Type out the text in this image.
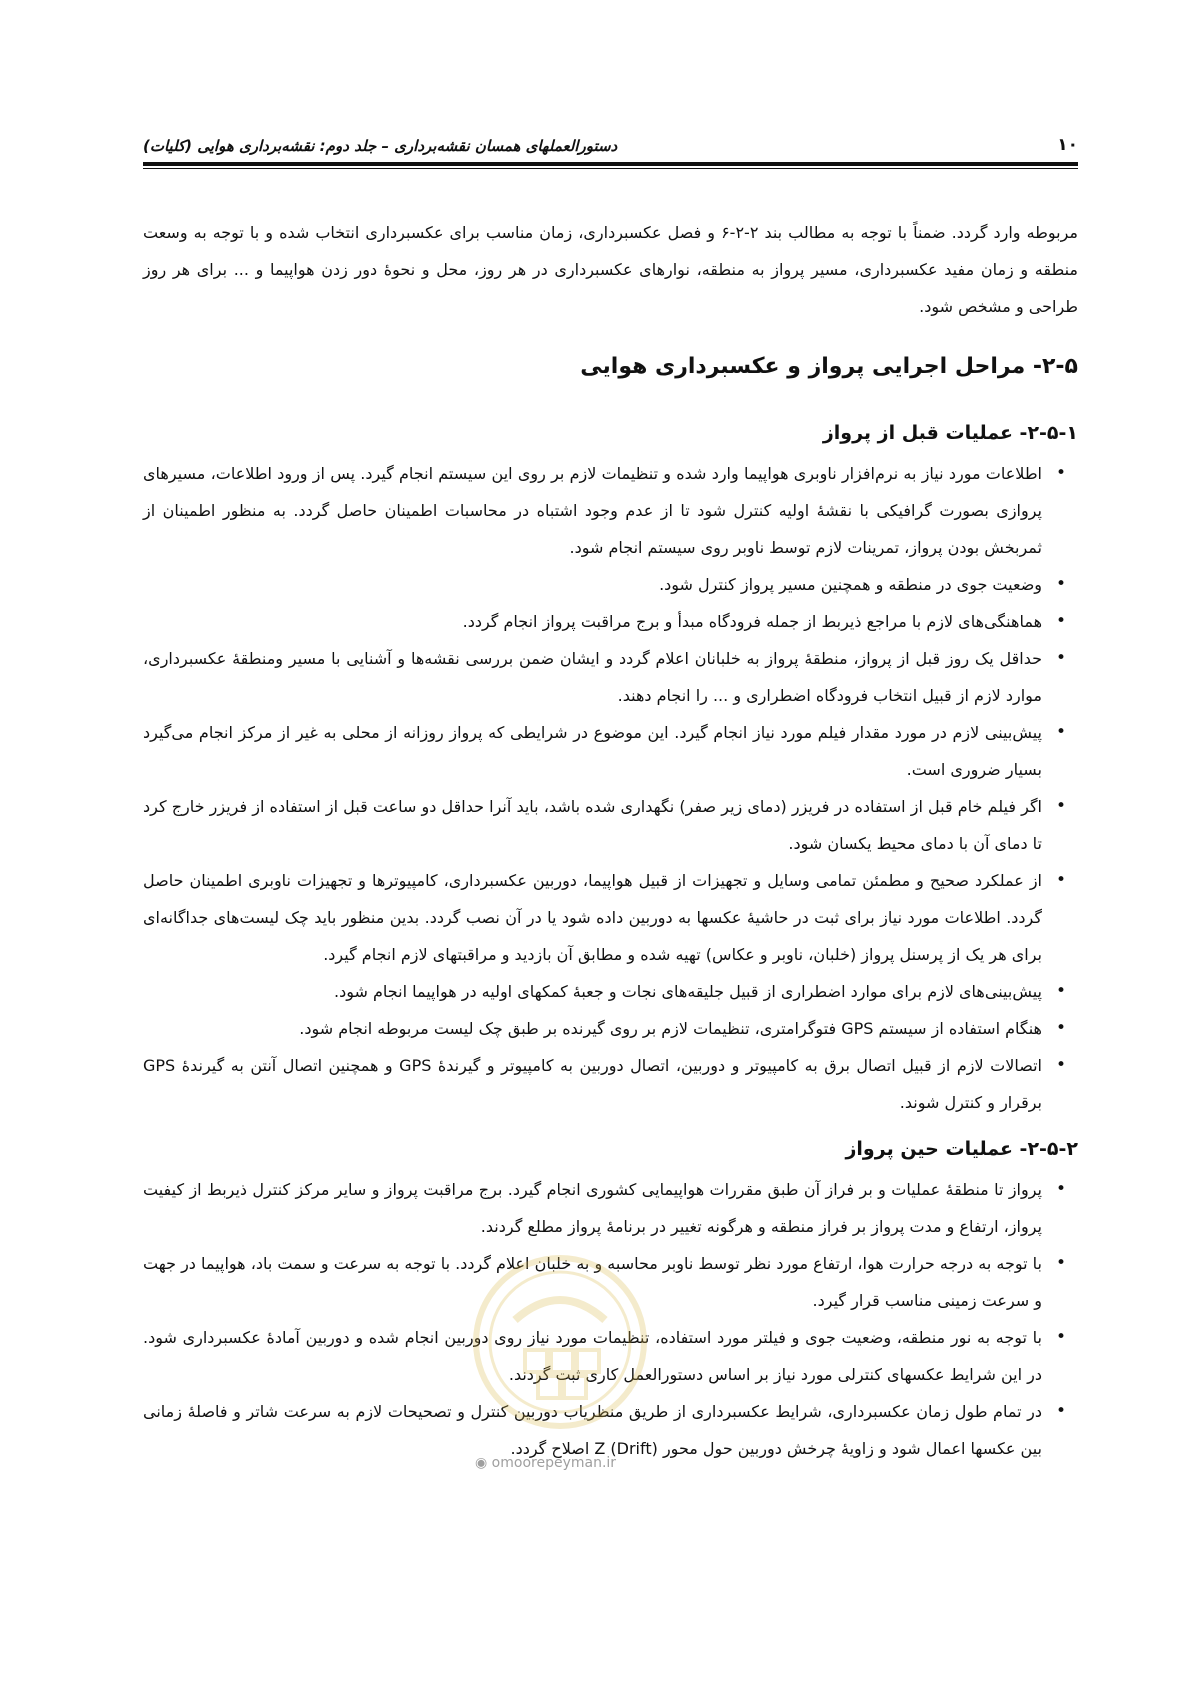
۱۰
دستورالعملهای همسان نقشه‌برداری – جلد دوم: نقشه‌برداری هوایی (کلیات)

مربوطه وارد گردد. ضمناً با توجه به مطالب بند ۲-۲-۶ و فصل عکسبرداری، زمان مناسب برای عکسبرداری انتخاب شده و با توجه به وسعت منطقه و زمان مفید عکسبرداری، مسیر پرواز به منطقه، نوارهای عکسبرداری در هر روز، محل و نحوهٔ دور زدن هواپیما و ... برای هر روز طراحی و مشخص شود.

۲-۵- مراحل اجرایی پرواز و عکسبرداری هوایی
۲-۵-۱- عملیات قبل از پرواز
• اطلاعات مورد نیاز به نرم‌افزار ناوبری هواپیما وارد شده و تنظیمات لازم بر روی این سیستم انجام گیرد. پس از ورود اطلاعات، مسیرهای پروازی بصورت گرافیکی با نقشهٔ اولیه کنترل شود تا از عدم وجود اشتباه در محاسبات اطمینان حاصل گردد. به منظور اطمینان از ثمربخش بودن پرواز، تمرینات لازم توسط ناوبر روی سیستم انجام شود.
• وضعیت جوی در منطقه و همچنین مسیر پرواز کنترل شود.
• هماهنگی‌های لازم با مراجع ذیربط از جمله فرودگاه مبدأ و برج مراقبت پرواز انجام گردد.
• حداقل یک روز قبل از پرواز، منطقهٔ پرواز به خلبانان اعلام گردد و ایشان ضمن بررسی نقشه‌ها و آشنایی با مسیر ومنطقهٔ عکسبرداری، موارد لازم از قبیل انتخاب فرودگاه اضطراری و ... را انجام دهند.
• پیش‌بینی لازم در مورد مقدار فیلم مورد نیاز انجام گیرد. این موضوع در شرایطی که پرواز روزانه از محلی به غیر از مرکز انجام می‌گیرد بسیار ضروری است.
• اگر فیلم خام قبل از استفاده در فریزر (دمای زیر صفر) نگهداری شده باشد، باید آنرا حداقل دو ساعت قبل از استفاده از فریزر خارج کرد تا دمای آن با دمای محیط یکسان شود.
• از عملکرد صحیح و مطمئن تمامی وسایل و تجهیزات از قبیل هواپیما، دوربین عکسبرداری، کامپیوترها و تجهیزات ناوبری اطمینان حاصل گردد. اطلاعات مورد نیاز برای ثبت در حاشیهٔ عکسها به دوربین داده شود یا در آن نصب گردد. بدین منظور باید چک لیست‌های جداگانه‌ای برای هر یک از پرسنل پرواز (خلبان، ناوبر و عکاس) تهیه شده و مطابق آن بازدید و مراقبتهای لازم انجام گیرد.
• پیش‌بینی‌های لازم برای موارد اضطراری از قبیل جلیقه‌های نجات و جعبهٔ کمکهای اولیه در هواپیما انجام شود.
• هنگام استفاده از سیستم GPS فتوگرامتری، تنظیمات لازم بر روی گیرنده بر طبق چک لیست مربوطه انجام شود.
• اتصالات لازم از قبیل اتصال برق به کامپیوتر و دوربین، اتصال دوربین به کامپیوتر و گیرندهٔ GPS و همچنین اتصال آنتن به گیرندهٔ GPS برقرار و کنترل شوند.
۲-۵-۲- عملیات حین پرواز
• پرواز تا منطقهٔ عملیات و بر فراز آن طبق مقررات هواپیمایی کشوری انجام گیرد. برج مراقبت پرواز و سایر مرکز کنترل ذیربط از کیفیت پرواز، ارتفاع و مدت پرواز بر فراز منطقه و هرگونه تغییر در برنامهٔ پرواز مطلع گردند.
• با توجه به درجه حرارت هوا، ارتفاع مورد نظر توسط ناوبر محاسبه و به خلبان اعلام گردد. با توجه به سرعت و سمت باد، هواپیما در جهت و سرعت زمینی مناسب قرار گیرد.
• با توجه به نور منطقه، وضعیت جوی و فیلتر مورد استفاده، تنظیمات مورد نیاز روی دوربین انجام شده و دوربین آمادهٔ عکسبرداری شود. در این شرایط عکسهای کنترلی مورد نیاز بر اساس دستورالعمل کاری ثبت گردند.
• در تمام طول زمان عکسبرداری، شرایط عکسبرداری از طریق منظریاب دوربین کنترل و تصحیحات لازم به سرعت شاتر و فاصلهٔ زمانی بین عکسها اعمال شود و زاویهٔ چرخش دوربین حول محور Z (Drift) اصلاح گردد.
◉ omoorepeyman.ir
